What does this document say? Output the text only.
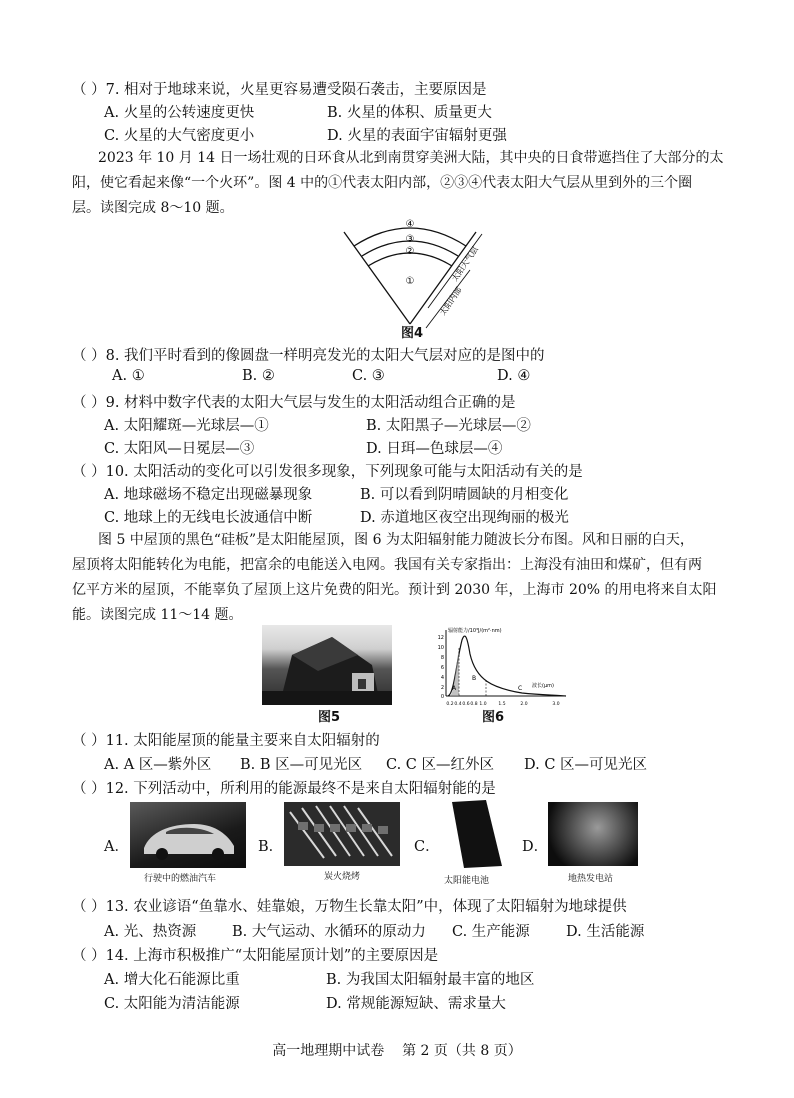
（ ）7. 相对于地球来说，火星更容易遭受陨石袭击，主要原因是
A. 火星的公转速度更快	B. 火星的体积、质量更大
C. 火星的大气密度更小	D. 火星的表面宇宙辐射更强
2023 年 10 月 14 日一场壮观的日环食从北到南贯穿美洲大陆，其中央的日食带遮挡住了大部分的太
阳，使它看起来像“一个火环”。图 4 中的①代表太阳内部，②③④代表太阳大气层从里到外的三个圈
层。读图完成 8～10 题。
④
③
②
①
太阳内部
太阳大气层
图4
（ ）8. 我们平时看到的像圆盘一样明亮发光的太阳大气层对应的是图中的
A. ①	B. ②	C. ③	D. ④
（ ）9. 材料中数字代表的太阳大气层与发生的太阳活动组合正确的是
A. 太阳耀斑—光球层—①	B. 太阳黑子—光球层—②
C. 太阳风—日冕层—③	D. 日珥—色球层—④
（ ）10. 太阳活动的变化可以引发很多现象，下列现象可能与太阳活动有关的是
A. 地球磁场不稳定出现磁暴现象	B. 可以看到阴晴圆缺的月相变化
C. 地球上的无线电长波通信中断	D. 赤道地区夜空出现绚丽的极光
图 5 中屋顶的黑色“硅板”是太阳能屋顶，图 6 为太阳辐射能力随波长分布图。风和日丽的白天，
屋顶将太阳能转化为电能，把富余的电能送入电网。我国有关专家指出：上海没有油田和煤矿，但有两
亿平方米的屋顶，不能辜负了屋顶上这片免费的阳光。预计到 2030 年，上海市 20% 的用电将来自太阳
能。读图完成 11～14 题。
图5
辐射能力/10³J/(m²·nm)
波长(μm)
12
10
8
6
4
2
0
A
B
C
0.2 0.4 0.6 0.8 1.0	1.5	2.0	3.0
图6
（ ）11. 太阳能屋顶的能量主要来自太阳辐射的
A. A 区—紫外区 B. B 区—可见光区 C. C 区—红外区 D. C 区—可见光区
（ ）12. 下列活动中，所利用的能源最终不是来自太阳辐射能的是
A．
行驶中的燃油汽车
B．
炭火烧烤
C．
太阳能电池
D．
地热发电站
（ ）13. 农业谚语“鱼靠水、娃靠娘，万物生长靠太阳”中，体现了太阳辐射为地球提供
A. 光、热资源 B. 大气运动、水循环的原动力 C. 生产能源 D. 生活能源
（ ）14. 上海市积极推广“太阳能屋顶计划”的主要原因是
A. 增大化石能源比重	B. 为我国太阳辐射最丰富的地区
C. 太阳能为清洁能源	D. 常规能源短缺、需求量大
高一地理期中试卷    第 2 页（共 8 页）
